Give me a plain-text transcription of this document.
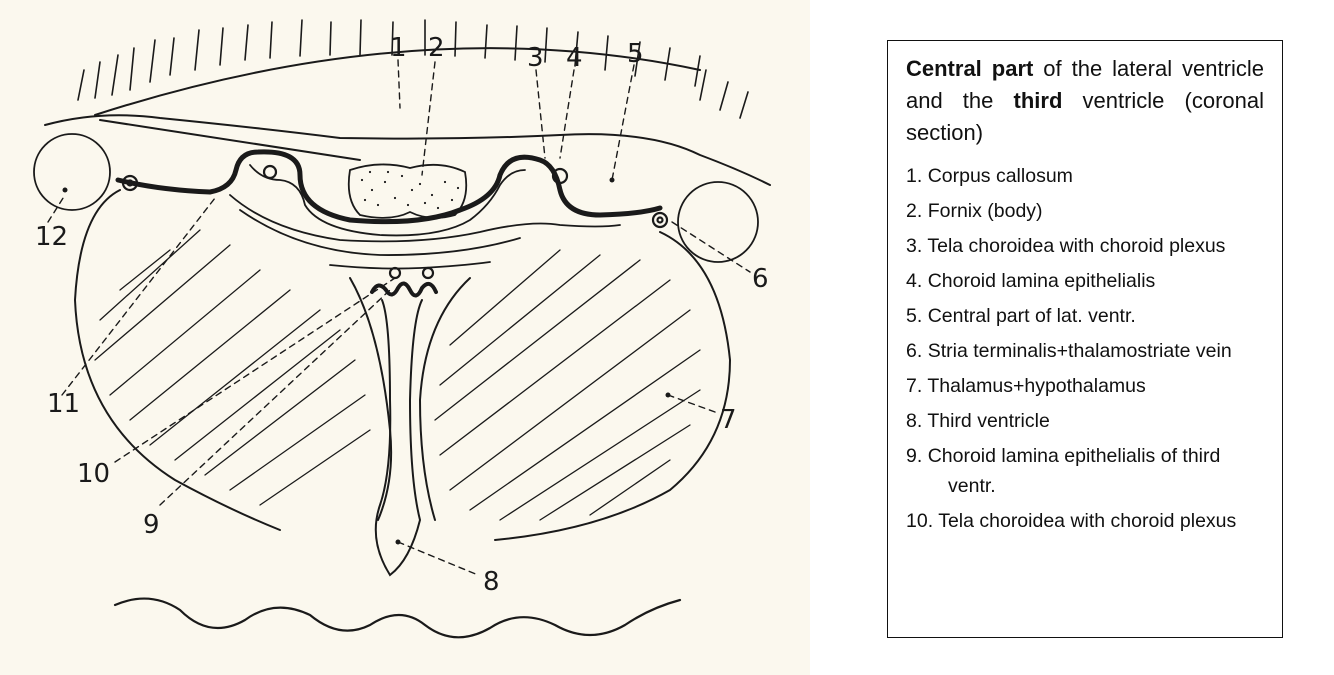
1 2	3 4 5
6
7
8
9
10
11
12

Central part of the lateral ventricle and the third ventricle (coronal section)

1. Corpus callosum
2. Fornix (body)
3. Tela choroidea with choroid plexus
4. Choroid lamina epithelialis
5. Central part of lat. ventr.
6. Stria terminalis+thalamostriate vein
7. Thalamus+hypothalamus
8. Third ventricle
9. Choroid lamina epithelialis of third ventr.
10. Tela choroidea with choroid plexus
